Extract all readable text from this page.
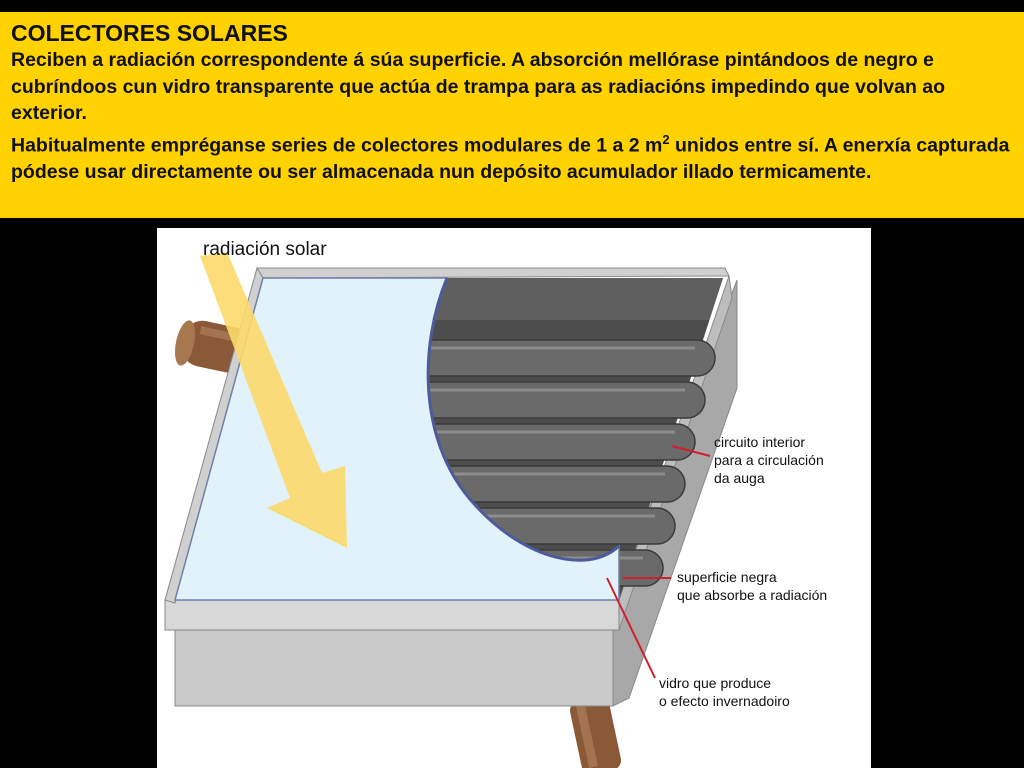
COLECTORES SOLARES

Reciben a radiación correspondente á súa superficie. A absorción mellórase pintándoos de negro e cubríndoos cun vidro transparente que actúa de trampa para as radiacións impedindo que volvan ao exterior.

Habitualmente empréganse series de colectores modulares de 1 a 2 $m^2$ unidos entre sí. A enerxía capturada pódese usar directamente ou ser almacenada nun depósito acumulador illado termicamente.

radiación solar
circuito interior
para a circulación
da auga
superficie negra
que absorbe a radiación
vidro que produce
o efecto invernadoiro
